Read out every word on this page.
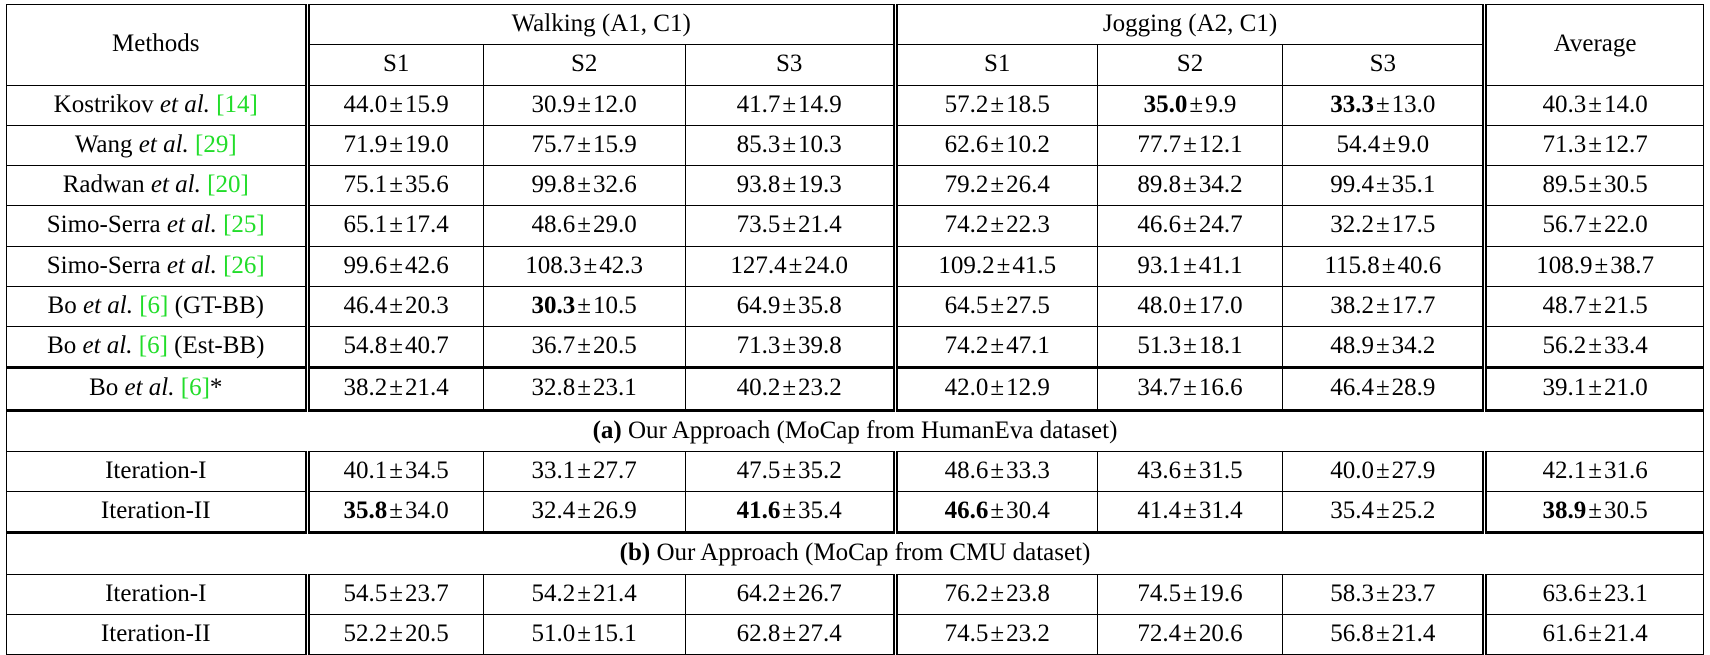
Methods	Walking (A1, C1)			Jogging (A2, C1)			Average
	S1	S2	S3	S1	S2	S3	
Kostrikov et al. [14]	44.0±15.9	30.9±12.0	41.7±14.9	57.2±18.5	35.0±9.9	33.3±13.0	40.3±14.0
Wang et al. [29]	71.9±19.0	75.7±15.9	85.3±10.3	62.6±10.2	77.7±12.1	54.4±9.0	71.3±12.7
Radwan et al. [20]	75.1±35.6	99.8±32.6	93.8±19.3	79.2±26.4	89.8±34.2	99.4±35.1	89.5±30.5
Simo-Serra et al. [25]	65.1±17.4	48.6±29.0	73.5±21.4	74.2±22.3	46.6±24.7	32.2±17.5	56.7±22.0
Simo-Serra et al. [26]	99.6±42.6	108.3±42.3	127.4±24.0	109.2±41.5	93.1±41.1	115.8±40.6	108.9±38.7
Bo et al. [6] (GT-BB)	46.4±20.3	30.3±10.5	64.9±35.8	64.5±27.5	48.0±17.0	38.2±17.7	48.7±21.5
Bo et al. [6] (Est-BB)	54.8±40.7	36.7±20.5	71.3±39.8	74.2±47.1	51.3±18.1	48.9±34.2	56.2±33.4
Bo et al. [6]*	38.2±21.4	32.8±23.1	40.2±23.2	42.0±12.9	34.7±16.6	46.4±28.9	39.1±21.0
(a) Our Approach (MoCap from HumanEva dataset)							
Iteration-I	40.1±34.5	33.1±27.7	47.5±35.2	48.6±33.3	43.6±31.5	40.0±27.9	42.1±31.6
Iteration-II	35.8±34.0	32.4±26.9	41.6±35.4	46.6±30.4	41.4±31.4	35.4±25.2	38.9±30.5
(b) Our Approach (MoCap from CMU dataset)							
Iteration-I	54.5±23.7	54.2±21.4	64.2±26.7	76.2±23.8	74.5±19.6	58.3±23.7	63.6±23.1
Iteration-II	52.2±20.5	51.0±15.1	62.8±27.4	74.5±23.2	72.4±20.6	56.8±21.4	61.6±21.4
